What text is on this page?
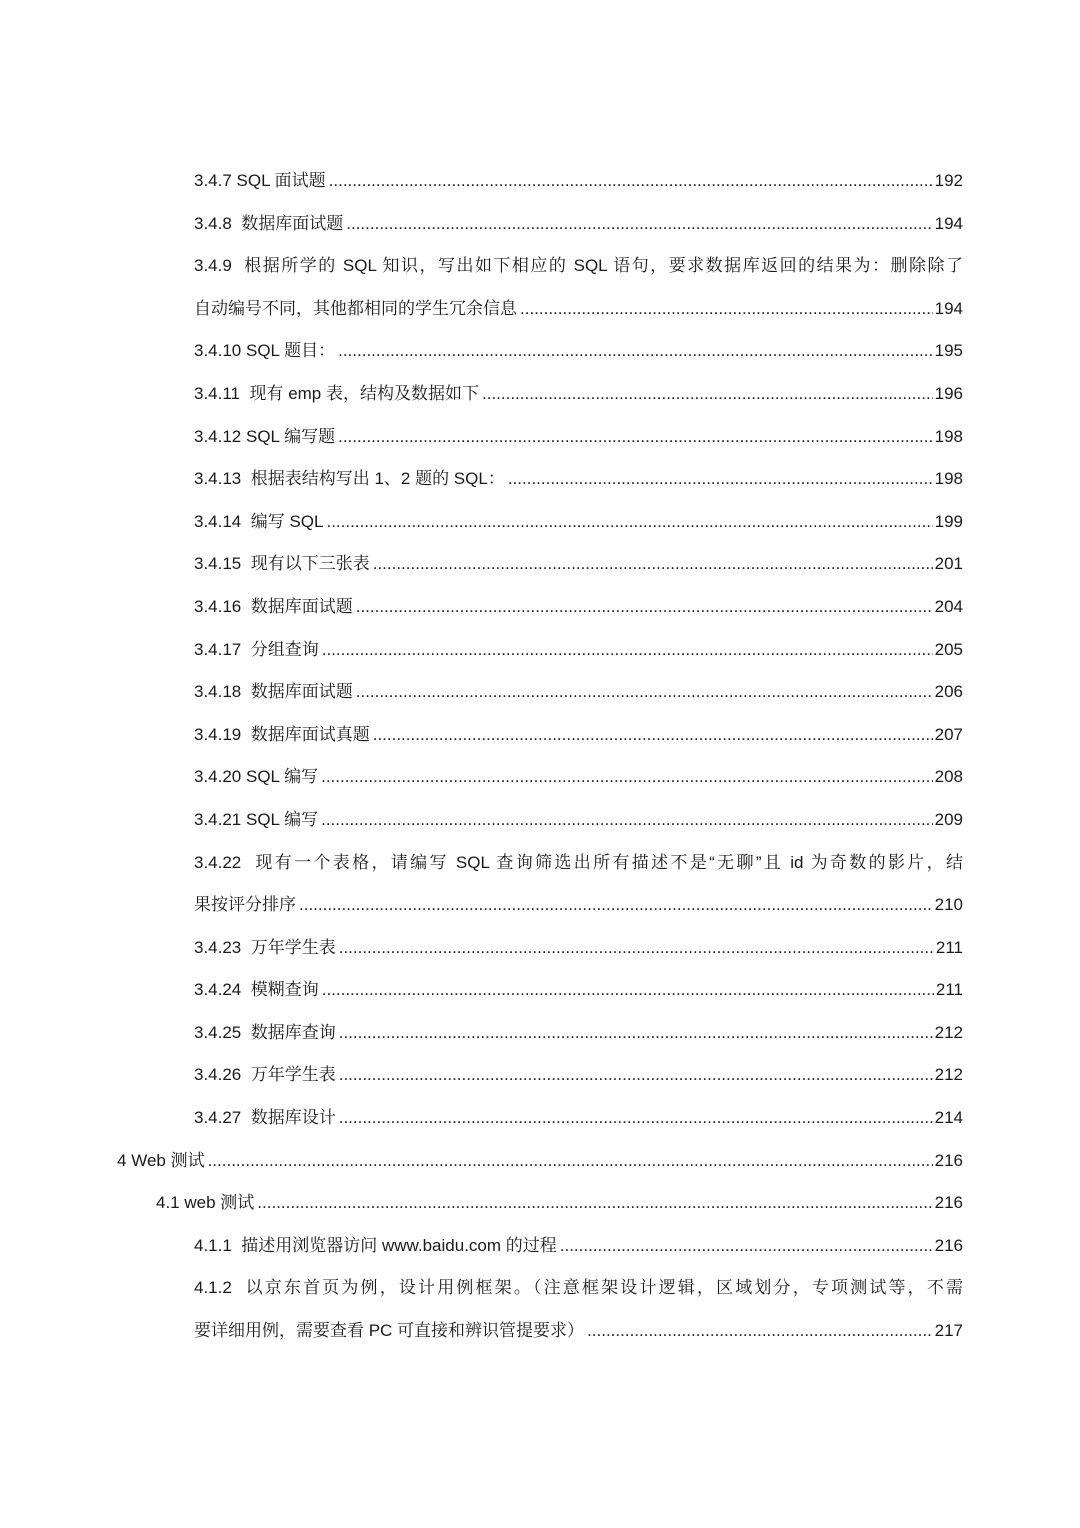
3.4.7 SQL 面试题 .....	192
3.4.8 数据库面试题 .....	194
3.4.9 根据所学的 SQL 知识，写出如下相应的 SQL 语句，要求数据库返回的结果为：删除除了
自动编号不同，其他都相同的学生冗余信息 .....	194
3.4.10 SQL 题目： .....	195
3.4.11 现有 emp 表，结构及数据如下 .....	196
3.4.12 SQL 编写题 .....	198
3.4.13 根据表结构写出 1、2 题的 SQL： .....	198
3.4.14 编写 SQL .....	199
3.4.15 现有以下三张表 .....	201
3.4.16 数据库面试题 .....	204
3.4.17 分组查询 .....	205
3.4.18 数据库面试题 .....	206
3.4.19 数据库面试真题 .....	207
3.4.20 SQL 编写 .....	208
3.4.21 SQL 编写 .....	209
3.4.22 现有一个表格，请编写 SQL 查询筛选出所有描述不是“无聊”且 id 为奇数的影片，结
果按评分排序 .....	210
3.4.23 万年学生表 .....	211
3.4.24 模糊查询 .....	211
3.4.25 数据库查询 .....	212
3.4.26 万年学生表 .....	212
3.4.27 数据库设计 .....	214
4 Web 测试 .....	216
4.1 web 测试 .....	216
4.1.1 描述用浏览器访问 www.baidu.com 的过程 .....	216
4.1.2 以京东首页为例，设计用例框架。（注意框架设计逻辑，区域划分，专项测试等，不需
要详细用例，需要查看 PC 可直接和辨识管提要求） .....	217
